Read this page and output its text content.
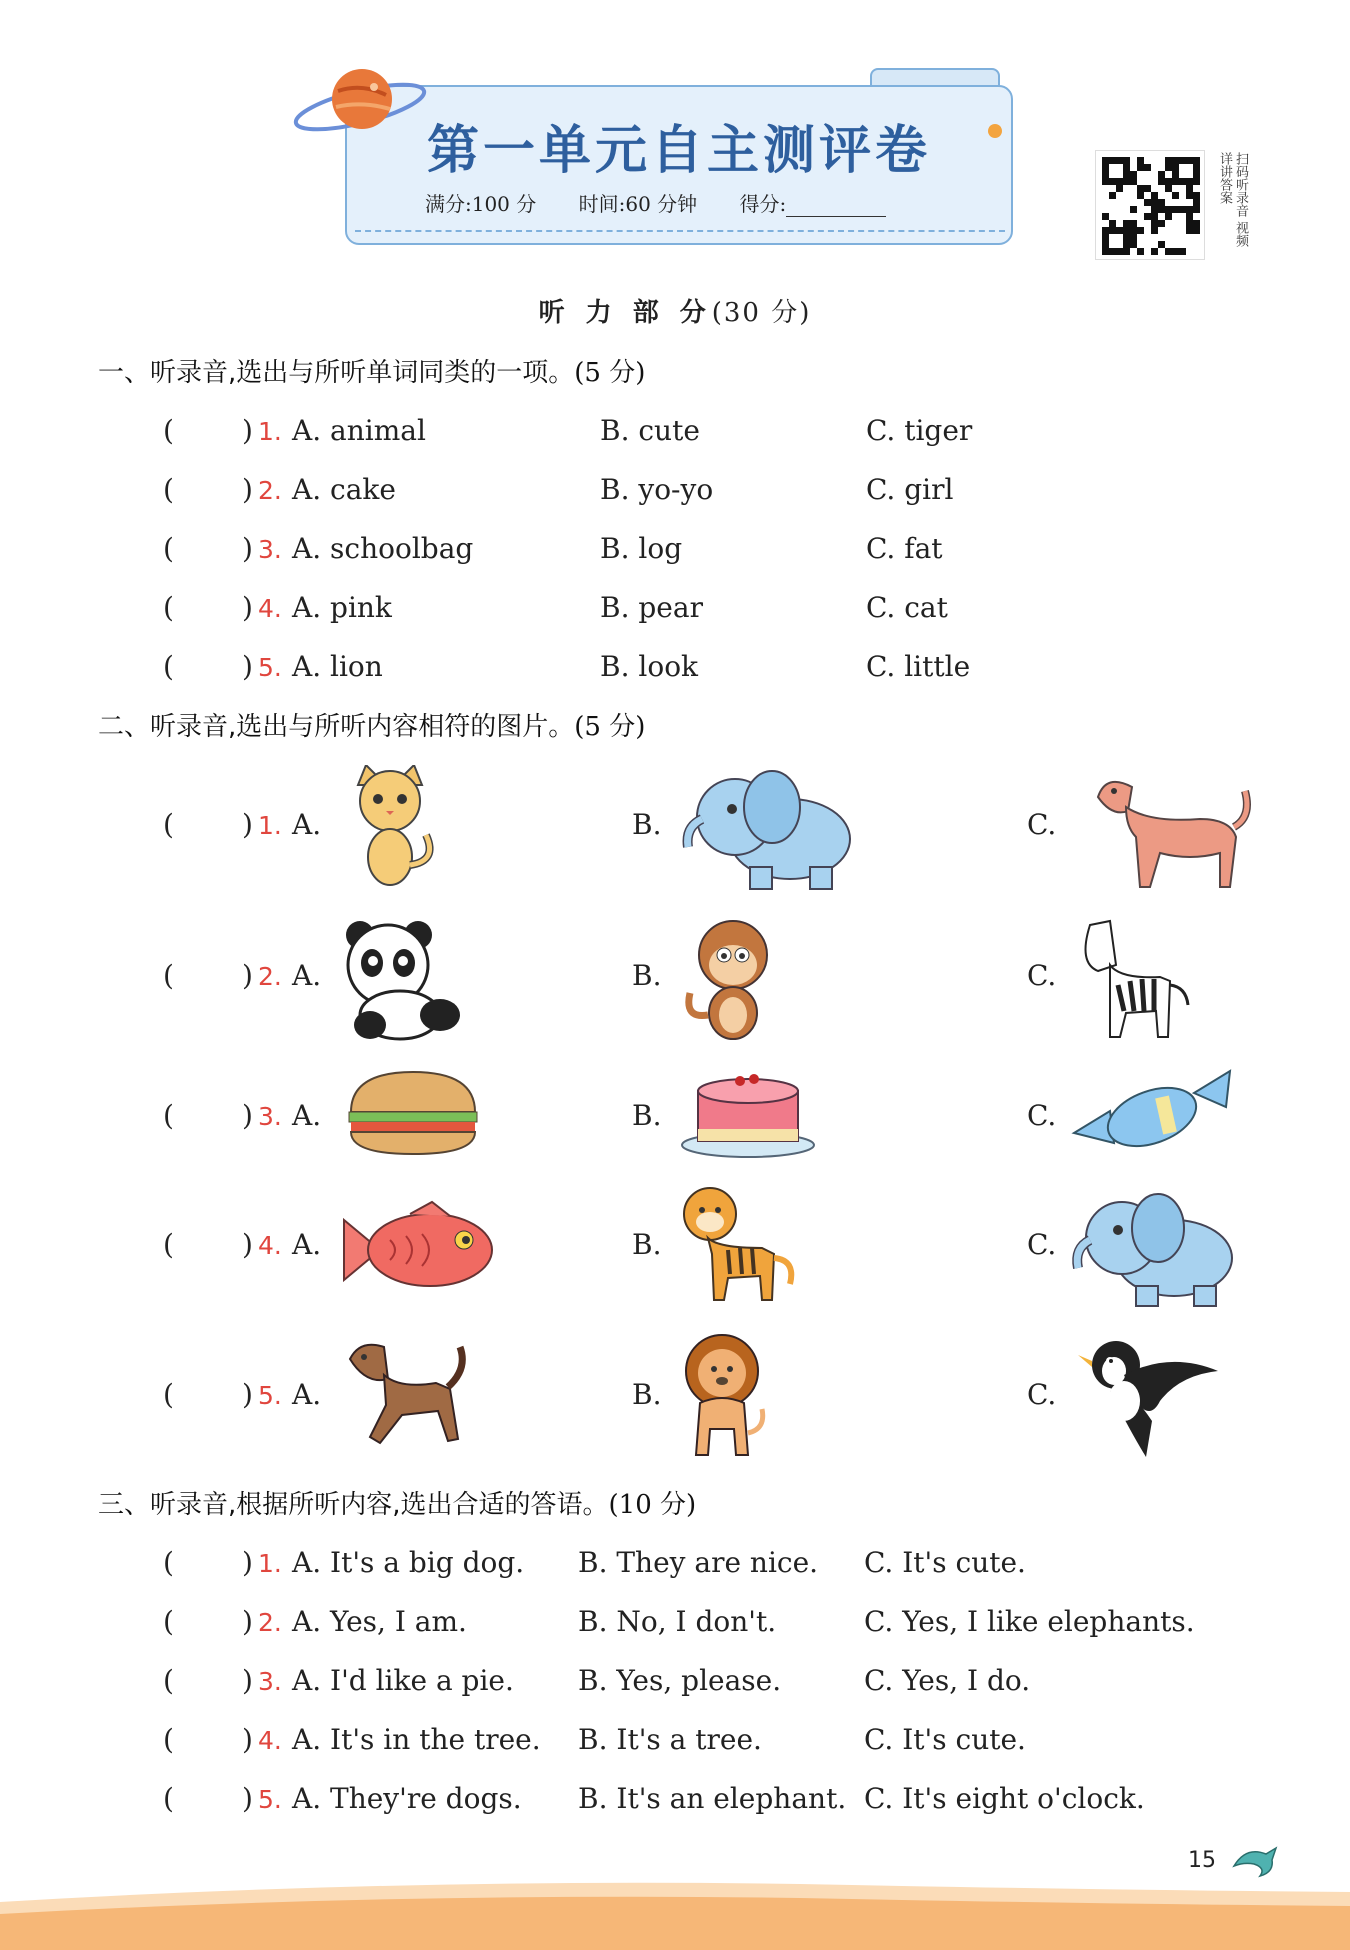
第一单元自主测评卷
满分:100 分 时间:60 分钟 得分:	扫码听录音 视频详讲答案
听 力 部 分(30 分)
一、听录音,选出与所听单词同类的一项。(5 分)
( ) 1. A. animal	B. cute	C. tiger
( ) 2. A. cake	B. yo-yo	C. girl
( ) 3. A. schoolbag	B. log	C. fat
( ) 4. A. pink	B. pear	C. cat
( ) 5. A. lion	B. look	C. little
二、听录音,选出与所听内容相符的图片。(5 分)
( ) 1. A.	B.	C.
( ) 2. A.	B.	C.
( ) 3. A.	B.	C.
( ) 4. A.	B.	C.
( ) 5. A.	B.	C.
三、听录音,根据所听内容,选出合适的答语。(10 分)
( ) 1. A. It's a big dog. B. They are nice. C. It's cute.
( ) 2. A. Yes, I am.	B. No, I don't.	C. Yes, I like elephants.
( ) 3. A. I'd like a pie. B. Yes, please.	C. Yes, I do.
( ) 4. A. It's in the tree. B. It's a tree.	C. It's cute.
( ) 5. A. They're dogs. B. It's an elephant. C. It's eight o'clock.
15
